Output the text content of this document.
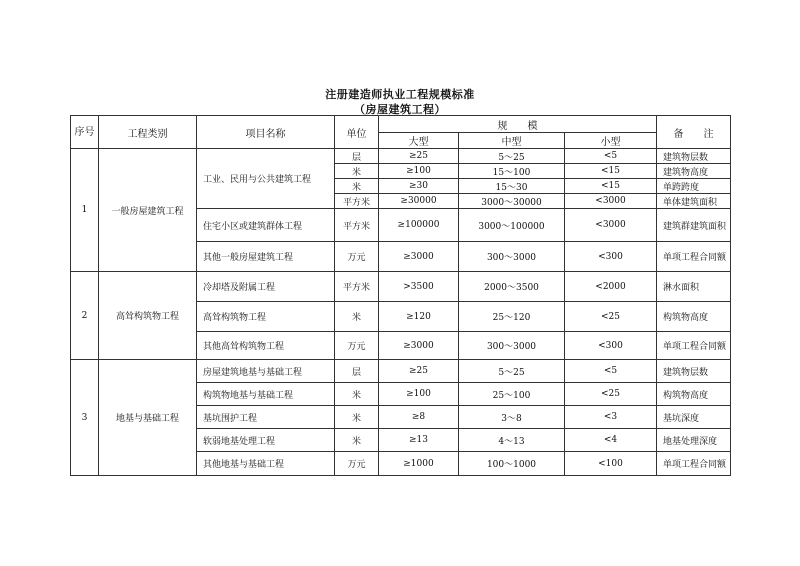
注册建造师执业工程规模标准
（房屋建筑工程）
序号	工程类别	项目名称	单位	规　　模			备　　注
				大型	中型	小型	
1	一般房屋建筑工程	工业、民用与公共建筑工程	层	≥25	5～25	<5	建筑物层数
			米	≥100	15～100	<15	建筑物高度
			米	≥30	15～30	<15	单跨跨度
			平方米	≥30000	3000～30000	<3000	单体建筑面积
		住宅小区或建筑群体工程	平方米	≥100000	3000～100000	<3000	建筑群建筑面积
		其他一般房屋建筑工程	万元	≥3000	300～3000	<300	单项工程合同额
2	高耸构筑物工程	冷却塔及附属工程	平方米	>3500	2000～3500	<2000	淋水面积
		高耸构筑物工程	米	≥120	25～120	<25	构筑物高度
		其他高耸构筑物工程	万元	≥3000	300～3000	<300	单项工程合同额
3	地基与基础工程	房屋建筑地基与基础工程	层	≥25	5～25	<5	建筑物层数
		构筑物地基与基础工程	米	≥100	25～100	<25	构筑物高度
		基坑围护工程	米	≥8	3～8	<3	基坑深度
		软弱地基处理工程	米	≥13	4～13	<4	地基处理深度
		其他地基与基础工程	万元	≥1000	100～1000	<100	单项工程合同额
